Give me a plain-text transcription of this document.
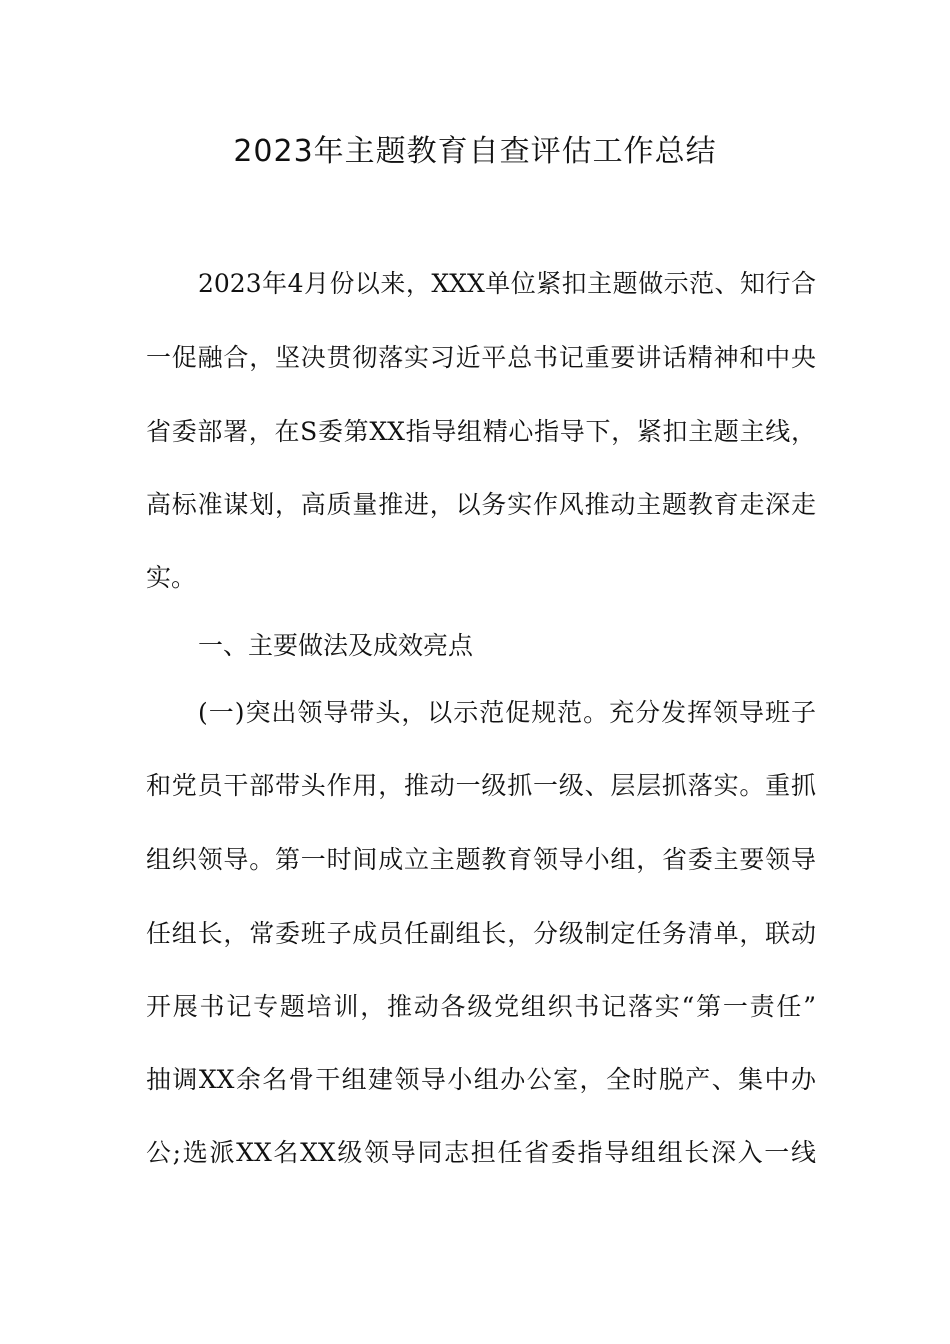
2023年主题教育自查评估工作总结

2023年4月份以来，XXX单位紧扣主题做示范、知行合

一促融合，坚决贯彻落实习近平总书记重要讲话精神和中央

省委部署，在S委第XX指导组精心指导下，紧扣主题主线，

高标准谋划，高质量推进，以务实作风推动主题教育走深走

实。

一、主要做法及成效亮点

(一)突出领导带头，以示范促规范。充分发挥领导班子

和党员干部带头作用，推动一级抓一级、层层抓落实。重抓

组织领导。第一时间成立主题教育领导小组，省委主要领导

任组长，常委班子成员任副组长，分级制定任务清单，联动

开展书记专题培训，推动各级党组织书记落实“第一责任”

抽调XX余名骨干组建领导小组办公室，全时脱产、集中办

公;选派XX名XX级领导同志担任省委指导组组长深入一线
